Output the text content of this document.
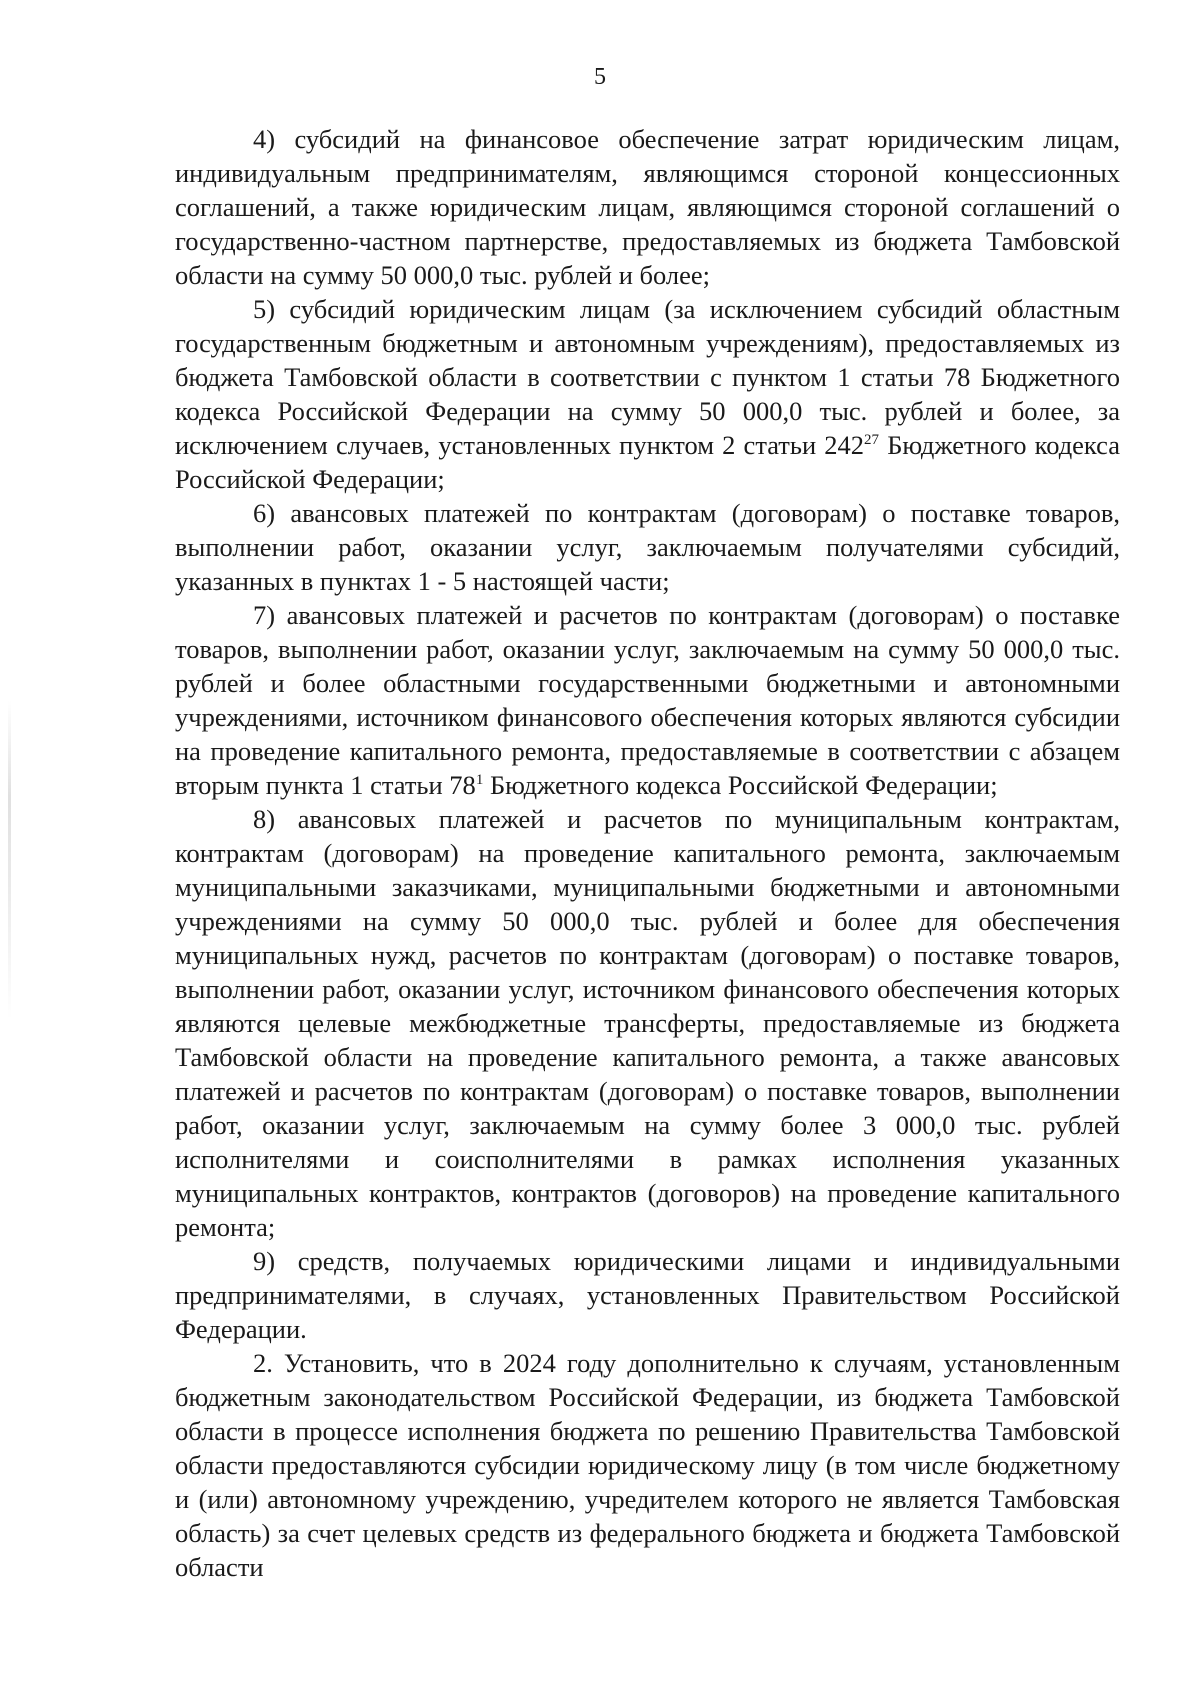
5

4) субсидий на финансовое обеспечение затрат юридическим лицам, индивидуальным предпринимателям, являющимся стороной концессионных соглашений, а также юридическим лицам, являющимся стороной соглашений о государственно-частном партнерстве, предоставляемых из бюджета Тамбовской области на сумму 50 000,0 тыс. рублей и более;

5) субсидий юридическим лицам (за исключением субсидий областным государственным бюджетным и автономным учреждениям), предоставляемых из бюджета Тамбовской области в соответствии с пунктом 1 статьи 78 Бюджетного кодекса Российской Федерации на сумму 50 000,0 тыс. рублей и более, за исключением случаев, установленных пунктом 2 статьи $242^{27}$ Бюджетного кодекса Российской Федерации;

6) авансовых платежей по контрактам (договорам) о поставке товаров, выполнении работ, оказании услуг, заключаемым получателями субсидий, указанных в пунктах 1 - 5 настоящей части;

7) авансовых платежей и расчетов по контрактам (договорам) о поставке товаров, выполнении работ, оказании услуг, заключаемым на сумму 50 000,0 тыс. рублей и более областными государственными бюджетными и автономными учреждениями, источником финансового обеспечения которых являются субсидии на проведение капитального ремонта, предоставляемые в соответствии с абзацем вторым пункта 1 статьи $78^1$ Бюджетного кодекса Российской Федерации;

8) авансовых платежей и расчетов по муниципальным контрактам, контрактам (договорам) на проведение капитального ремонта, заключаемым муниципальными заказчиками, муниципальными бюджетными и автономными учреждениями на сумму 50 000,0 тыс. рублей и более для обеспечения муниципальных нужд, расчетов по контрактам (договорам) о поставке товаров, выполнении работ, оказании услуг, источником финансового обеспечения которых являются целевые межбюджетные трансферты, предоставляемые из бюджета Тамбовской области на проведение капитального ремонта, а также авансовых платежей и расчетов по контрактам (договорам) о поставке товаров, выполнении работ, оказании услуг, заключаемым на сумму более 3 000,0 тыс. рублей исполнителями и соисполнителями в рамках исполнения указанных муниципальных контрактов, контрактов (договоров) на проведение капитального ремонта;

9) средств, получаемых юридическими лицами и индивидуальными предпринимателями, в случаях, установленных Правительством Российской Федерации.

2. Установить, что в 2024 году дополнительно к случаям, установленным бюджетным законодательством Российской Федерации, из бюджета Тамбовской области в процессе исполнения бюджета по решению Правительства Тамбовской области предоставляются субсидии юридическому лицу (в том числе бюджетному и (или) автономному учреждению, учредителем которого не является Тамбовская область) за счет целевых средств из федерального бюджета и бюджета Тамбовской области
